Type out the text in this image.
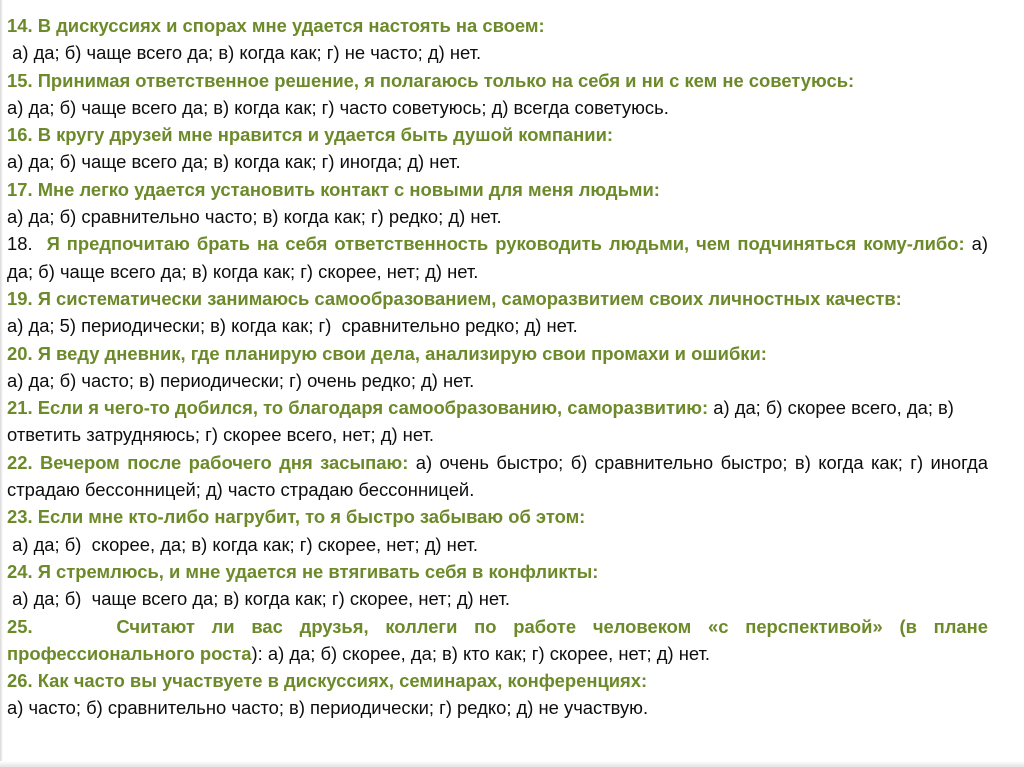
14. В дискуссиях и спорах мне удается настоять на своем:
а) да; б) чаще всего да; в) когда как; г) не часто; д) нет.
15. Принимая ответственное решение, я полагаюсь только на себя и ни с кем не советуюсь:
а) да; б) чаще всего да; в) когда как; г) часто советуюсь; д) всегда советуюсь.
16. В кругу друзей мне нравится и удается быть душой компании:
а) да; б) чаще всего да; в) когда как; г) иногда; д) нет.
17. Мне легко удается установить контакт с новыми для меня людьми:
а) да; б) сравнительно часто; в) когда как; г) редко; д) нет.
18. Я предпочитаю брать на себя ответственность руководить людьми, чем подчиняться кому-либо: а) да; б) чаще всего да; в) когда как; г) скорее, нет; д) нет.
19. Я систематически занимаюсь самообразованием, саморазвитием своих личностных качеств:
а) да; 5) периодически; в) когда как; г)  сравнительно редко; д) нет.
20. Я веду дневник, где планирую свои дела, анализирую свои промахи и ошибки:
а) да; б) часто; в) периодически; г) очень редко; д) нет.
21. Если я чего-то добился, то благодаря самообразованию, саморазвитию: а) да; б) скорее всего, да; в) ответить затрудняюсь; г) скорее всего, нет; д) нет.
22. Вечером после рабочего дня засыпаю: а) очень быстро; б) сравнительно быстро; в) когда как; г) иногда страдаю бессонницей; д) часто страдаю бессонницей.
23. Если мне кто-либо нагрубит, то я быстро забываю об этом:
а) да; б)  скорее, да; в) когда как; г) скорее, нет; д) нет.
24. Я стремлюсь, и мне удается не втягивать себя в конфликты:
а) да; б)  чаще всего да; в) когда как; г) скорее, нет; д) нет.
25.	Считают ли вас друзья, коллеги по работе человеком «с перспективой» (в плане профессионального роста): а) да; б) скорее, да; в) кто как; г) скорее, нет; д) нет.
26. Как часто вы участвуете в дискуссиях, семинарах, конференциях:
а) часто; б) сравнительно часто; в) периодически; г) редко; д) не участвую.
